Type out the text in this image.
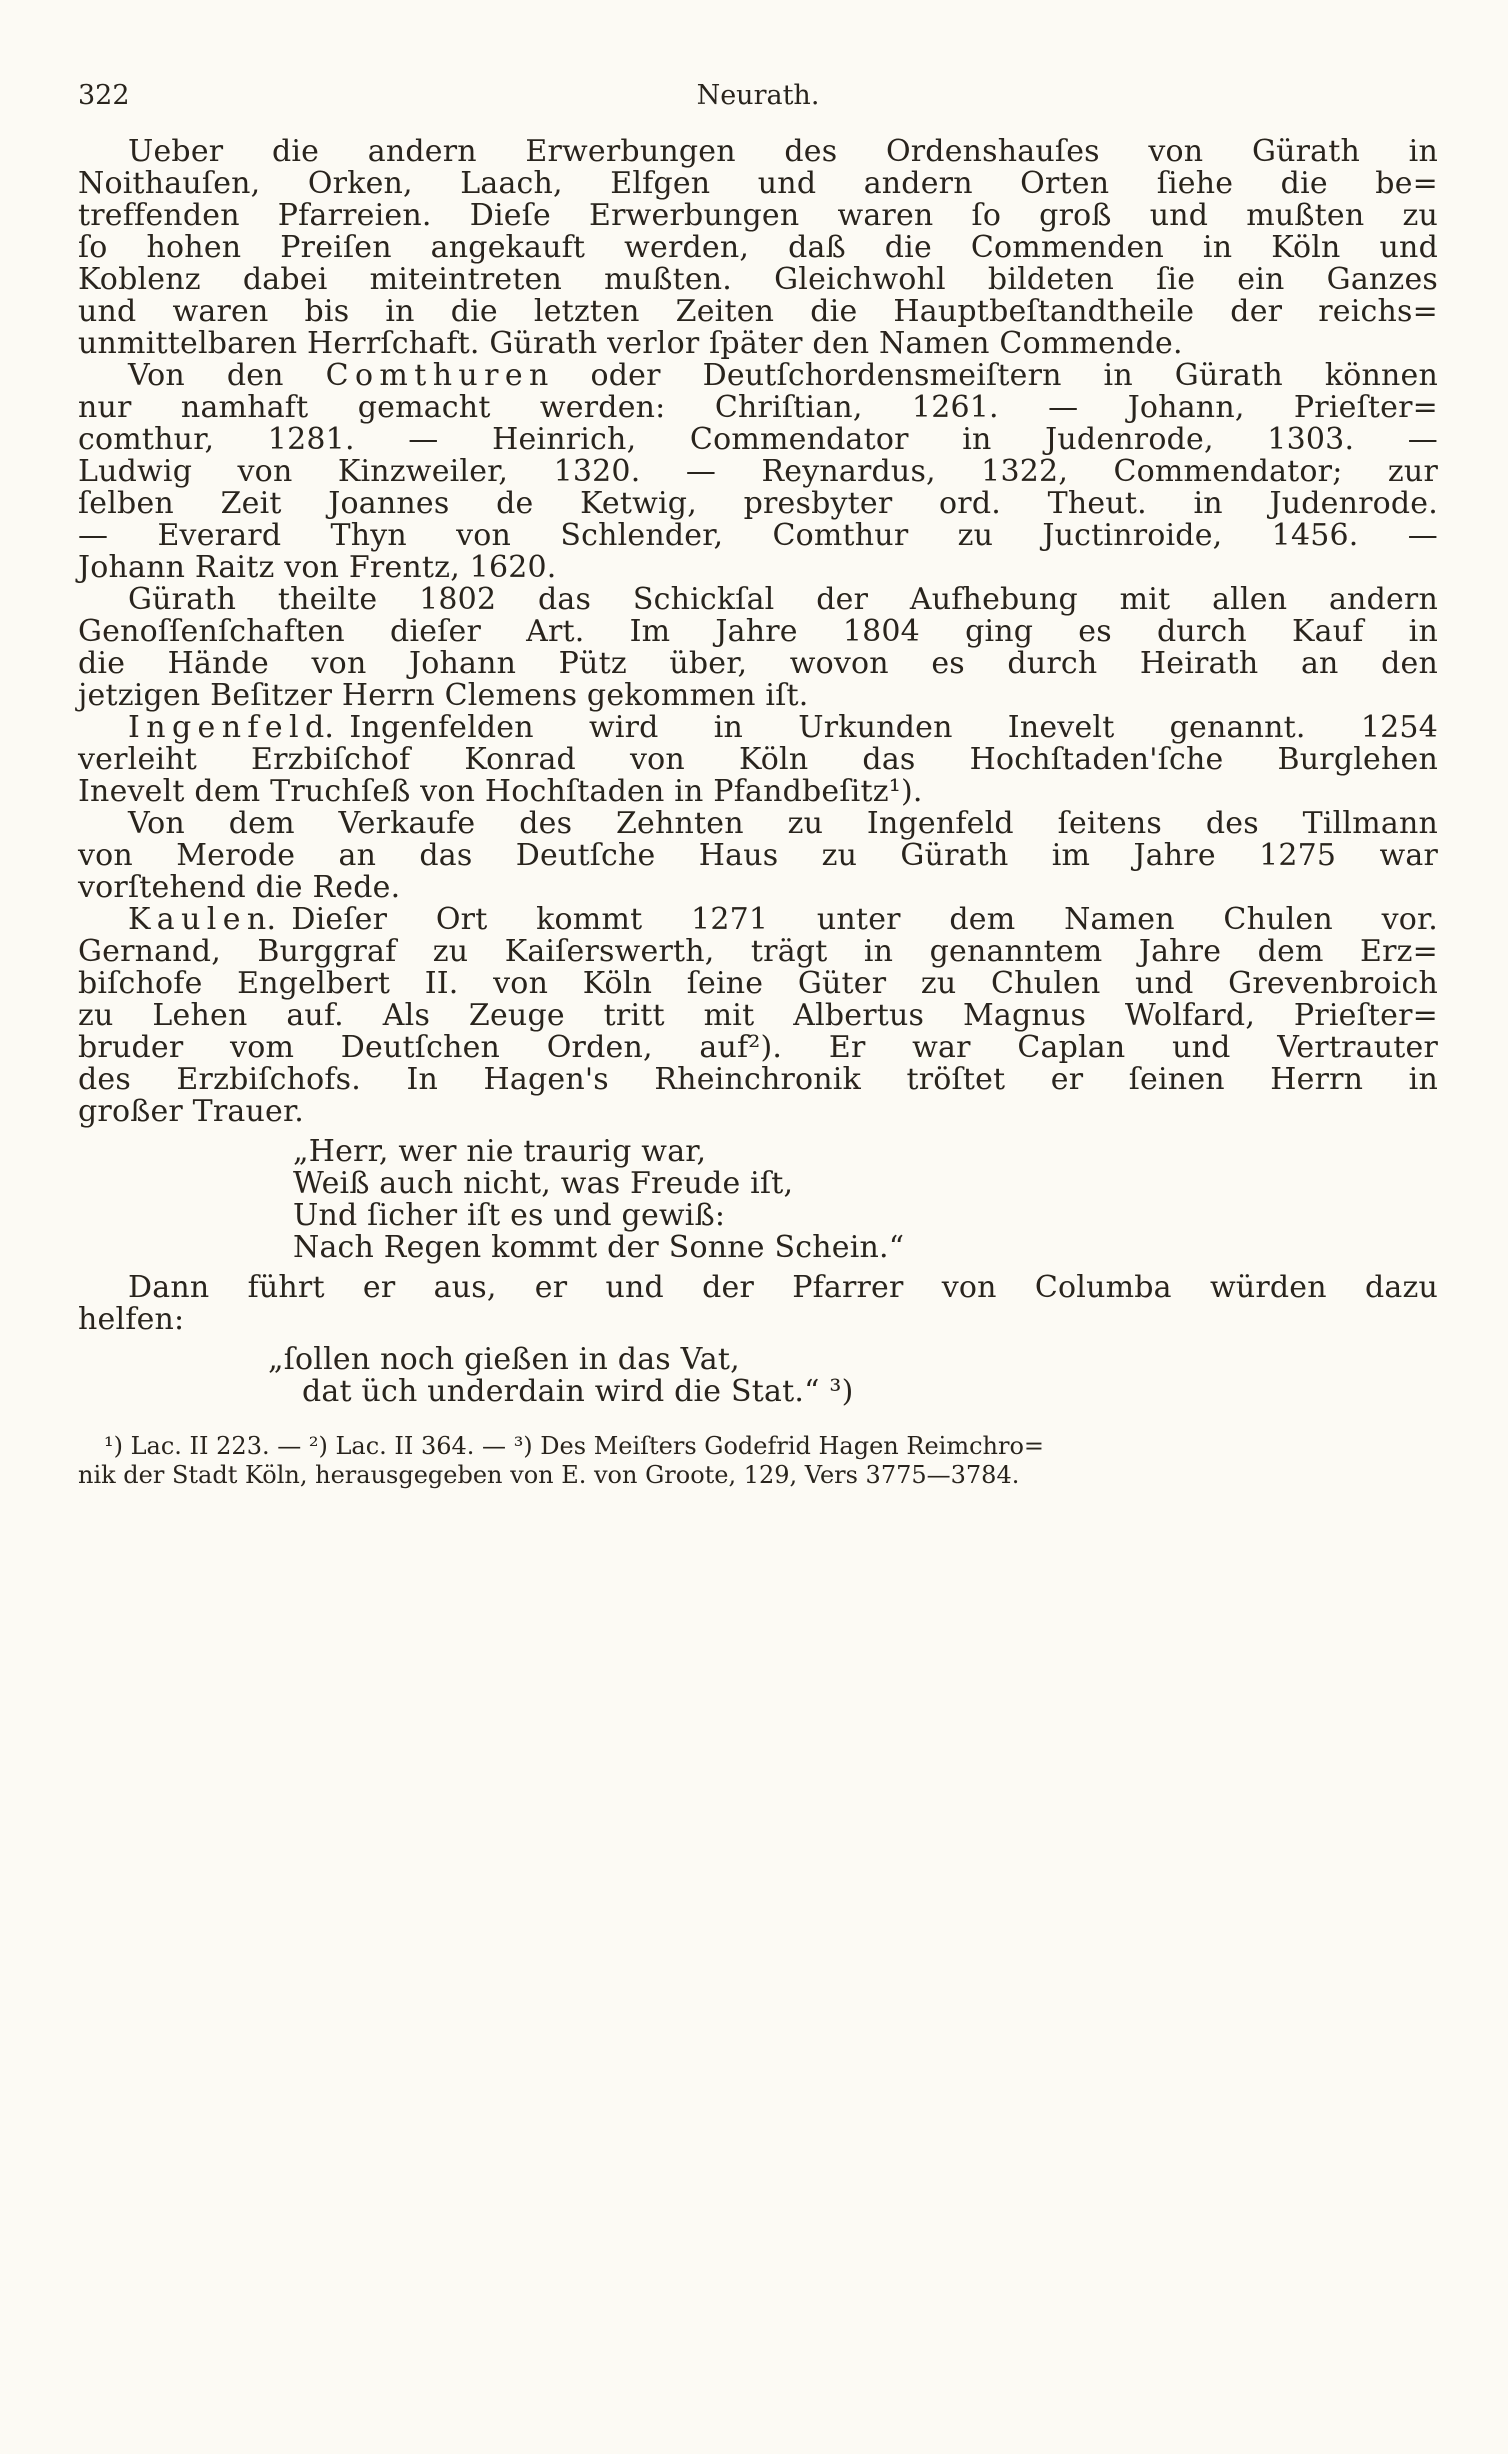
322	Neurath.
Ueber die andern Erwerbungen des Ordenshauſes von Gürath in
Noithauſen, Orken, Laach, Elfgen und andern Orten ſiehe die be=
treffenden Pfarreien. Dieſe Erwerbungen waren ſo groß und mußten zu
ſo hohen Preiſen angekauft werden, daß die Commenden in Köln und
Koblenz dabei miteintreten mußten. Gleichwohl bildeten ſie ein Ganzes
und waren bis in die letzten Zeiten die Hauptbeſtandtheile der reichs=
unmittelbaren Herrſchaft. Gürath verlor ſpäter den Namen Commende.
Von den C o m t h u r e n oder Deutſchordensmeiſtern in Gürath können
nur namhaft gemacht werden: Chriſtian, 1261. — Johann, Prieſter=
comthur, 1281. — Heinrich, Commendator in Judenrode, 1303. —
Ludwig von Kinzweiler, 1320. — Reynardus, 1322, Commendator; zur
ſelben Zeit Joannes de Ketwig, presbyter ord. Theut. in Judenrode.
— Everard Thyn von Schlender, Comthur zu Juctinroide, 1456. —
Johann Raitz von Frentz, 1620.
Gürath theilte 1802 das Schickſal der Aufhebung mit allen andern
Genoſſenſchaften dieſer Art. Im Jahre 1804 ging es durch Kauf in
die Hände von Johann Pütz über, wovon es durch Heirath an den
jetzigen Beſitzer Herrn Clemens gekommen iſt.
I n g e n f e l d. Ingenfelden wird in Urkunden Inevelt genannt. 1254
verleiht Erzbiſchof Konrad von Köln das Hochſtaden'ſche Burglehen
Inevelt dem Truchſeß von Hochſtaden in Pfandbeſitz¹).
Von dem Verkaufe des Zehnten zu Ingenfeld ſeitens des Tillmann
von Merode an das Deutſche Haus zu Gürath im Jahre 1275 war
vorſtehend die Rede.
K a u l e n. Dieſer Ort kommt 1271 unter dem Namen Chulen vor.
Gernand, Burggraf zu Kaiſerswerth, trägt in genanntem Jahre dem Erz=
biſchofe Engelbert II. von Köln ſeine Güter zu Chulen und Grevenbroich
zu Lehen auf. Als Zeuge tritt mit Albertus Magnus Wolfard, Prieſter=
bruder vom Deutſchen Orden, auf²). Er war Caplan und Vertrauter
des Erzbiſchofs. In Hagen's Rheinchronik tröſtet er ſeinen Herrn in
großer Trauer.
„Herr, wer nie traurig war,
Weiß auch nicht, was Freude iſt,
Und ſicher iſt es und gewiß:
Nach Regen kommt der Sonne Schein.“
Dann führt er aus, er und der Pfarrer von Columba würden dazu
helfen:
„ſollen noch gießen in das Vat,
dat üch underdain wird die Stat.“ ³)
¹) Lac. II 223. — ²) Lac. II 364. — ³) Des Meiſters Godefrid Hagen Reimchro=
nik der Stadt Köln, herausgegeben von E. von Groote, 129, Vers 3775—3784.
